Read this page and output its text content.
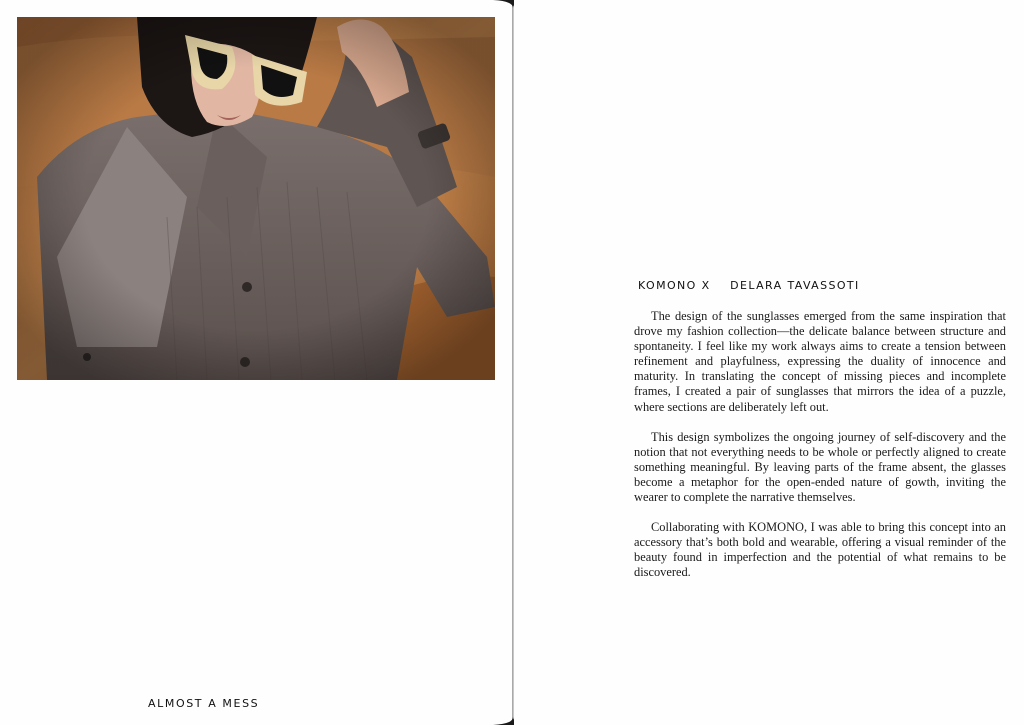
ALMOST A MESS
KOMONO X    DELARA TAVASSOTI

The design of the sunglasses emerged from the same inspiration that drove my fashion collection—the delicate balance between structure and spontaneity. I feel like my work always aims to create a tension between refinement and playfulness, expressing the duality of innocence and maturity. In translating the concept of missing pieces and incomplete frames, I created a pair of sunglasses that mirrors the idea of a puzzle, where sections are deliberately left out.

This design symbolizes the ongoing journey of self-discovery and the notion that not everything needs to be whole or perfectly aligned to create something meaningful. By leaving parts of the frame absent, the glasses become a metaphor for the open-ended nature of gowth, inviting the wearer to complete the narrative themselves.

Collaborating with KOMONO, I was able to bring this concept into an accessory that’s both bold and wearable, offering a visual reminder of the beauty found in imperfection and the potential of what remains to be discovered.
